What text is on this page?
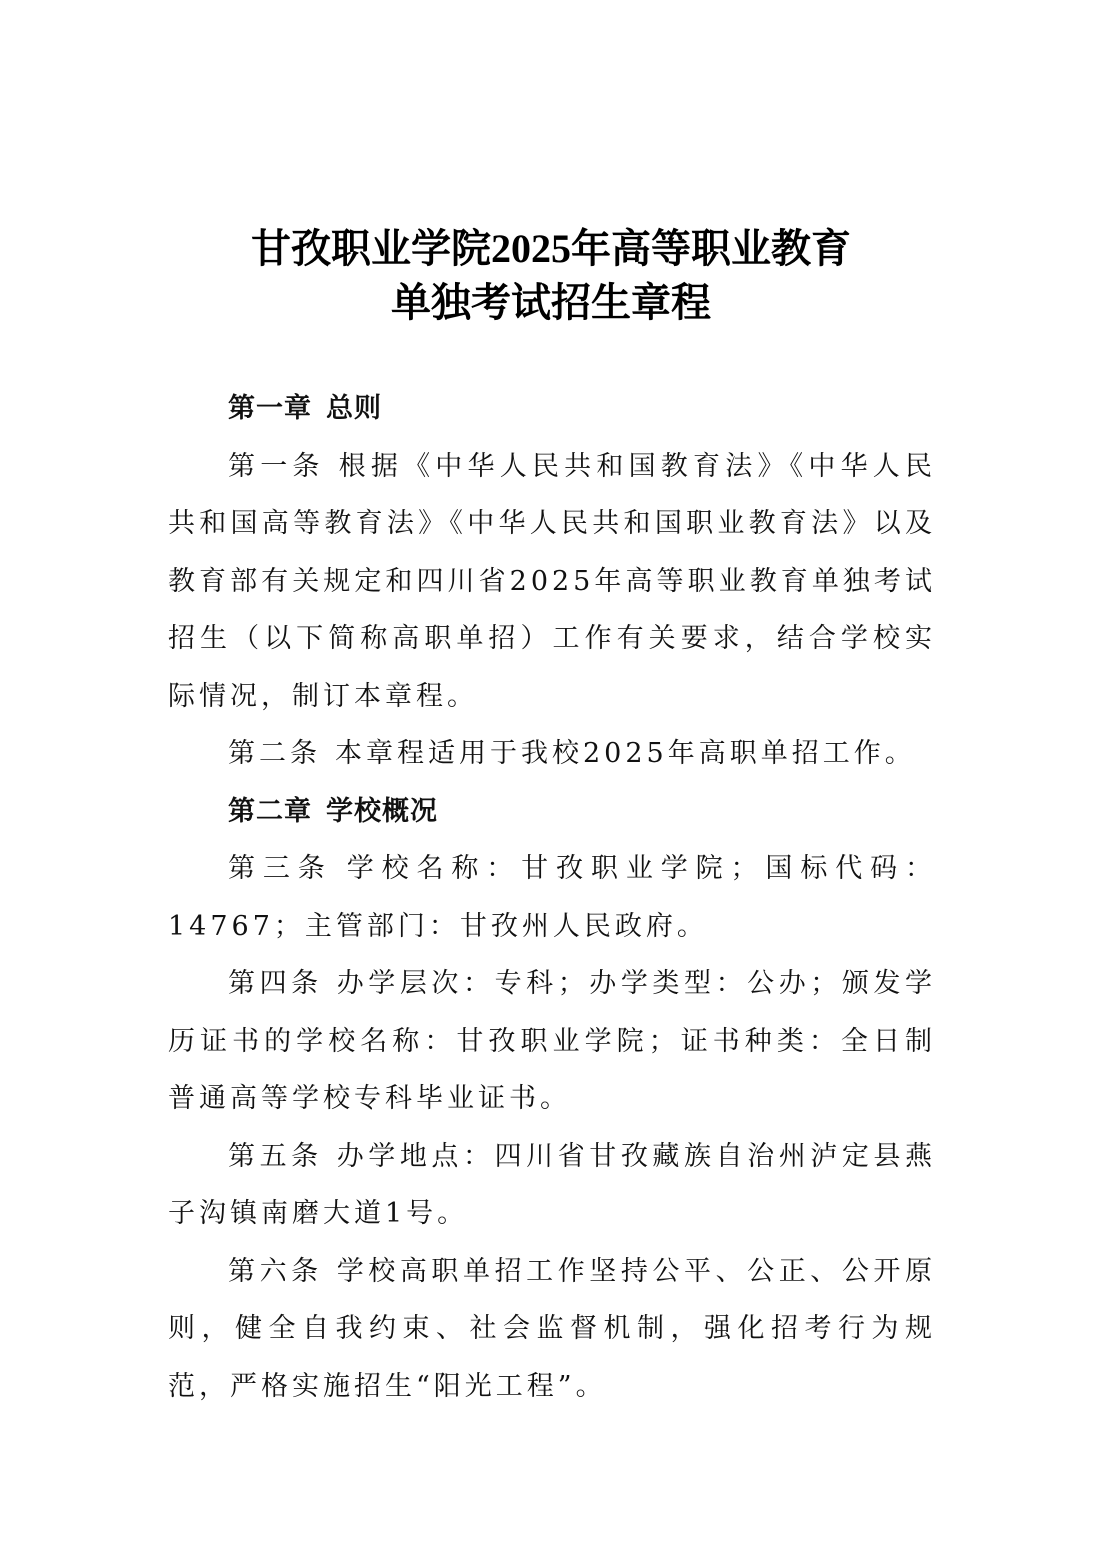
甘孜职业学院2025年高等职业教育
单独考试招生章程

第一章 总则

第一条 根据《中华人民共和国教育法》《中华人民共和国高等教育法》《中华人民共和国职业教育法》以及教育部有关规定和四川省2025年高等职业教育单独考试招生（以下简称高职单招）工作有关要求，结合学校实际情况，制订本章程。

第二条 本章程适用于我校2025年高职单招工作。

第二章 学校概况

第三条 学校名称：甘孜职业学院；国标代码：14767；主管部门：甘孜州人民政府。

第四条 办学层次：专科；办学类型：公办；颁发学历证书的学校名称：甘孜职业学院；证书种类：全日制普通高等学校专科毕业证书。

第五条 办学地点：四川省甘孜藏族自治州泸定县燕子沟镇南磨大道1号。

第六条 学校高职单招工作坚持公平、公正、公开原则，健全自我约束、社会监督机制，强化招考行为规范，严格实施招生“阳光工程”。
